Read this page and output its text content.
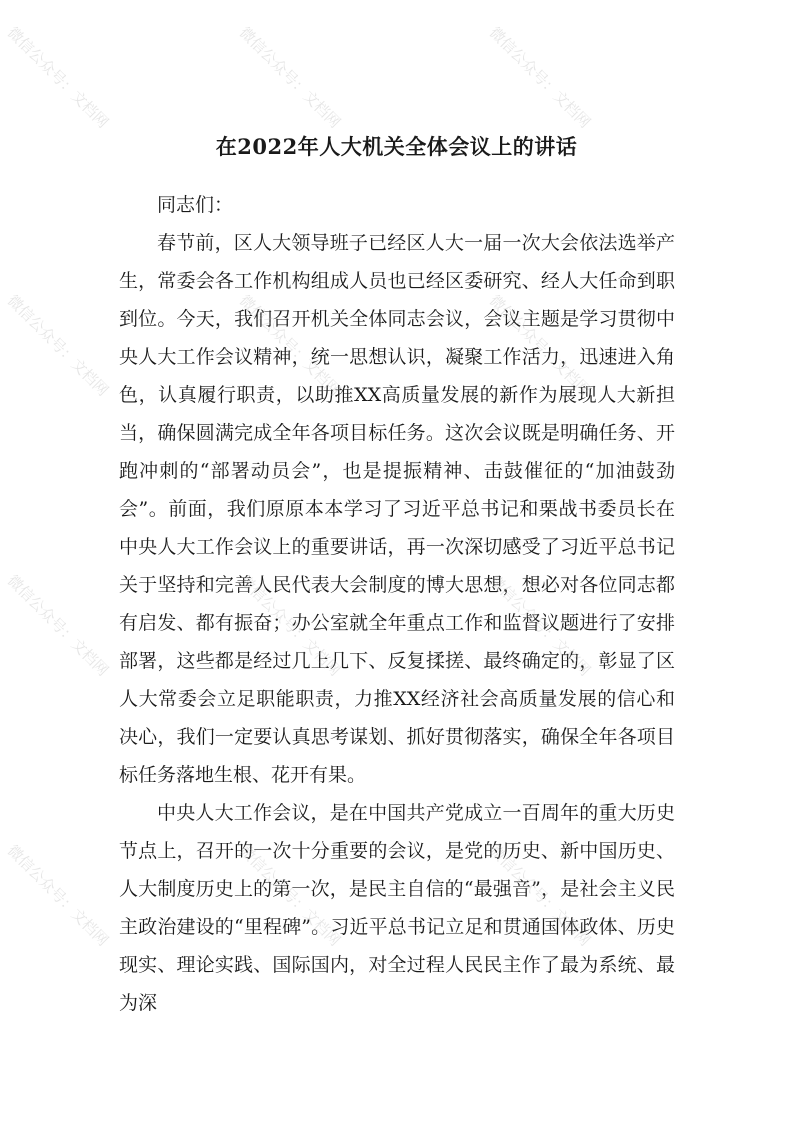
在2022年人大机关全体会议上的讲话

同志们：

春节前，区人大领导班子已经区人大一届一次大会依法选举产生，常委会各工作机构组成人员也已经区委研究、经人大任命到职到位。今天，我们召开机关全体同志会议，会议主题是学习贯彻中央人大工作会议精神，统一思想认识，凝聚工作活力，迅速进入角色，认真履行职责，以助推XX高质量发展的新作为展现人大新担当，确保圆满完成全年各项目标任务。这次会议既是明确任务、开跑冲刺的“部署动员会”，也是提振精神、击鼓催征的“加油鼓劲会”。前面，我们原原本本学习了习近平总书记和栗战书委员长在中央人大工作会议上的重要讲话，再一次深切感受了习近平总书记关于坚持和完善人民代表大会制度的博大思想，想必对各位同志都有启发、都有振奋；办公室就全年重点工作和监督议题进行了安排部署，这些都是经过几上几下、反复揉搓、最终确定的，彰显了区人大常委会立足职能职责，力推XX经济社会高质量发展的信心和决心，我们一定要认真思考谋划、抓好贯彻落实，确保全年各项目标任务落地生根、花开有果。

中央人大工作会议，是在中国共产党成立一百周年的重大历史节点上，召开的一次十分重要的会议，是党的历史、新中国历史、人大制度历史上的第一次，是民主自信的“最强音”，是社会主义民主政治建设的“里程碑”。习近平总书记立足和贯通国体政体、历史现实、理论实践、国际国内，对全过程人民民主作了最为系统、最为深

微信公众号：文档网	微信公众号：文档网	微信公众号：文档网
微信公众号：文档网	微信公众号：文档网	微信公众号：文档网
微信公众号：文档网	微信公众号：文档网	微信公众号：文档网
微信公众号：文档网	微信公众号：文档网	微信公众号：文档网
